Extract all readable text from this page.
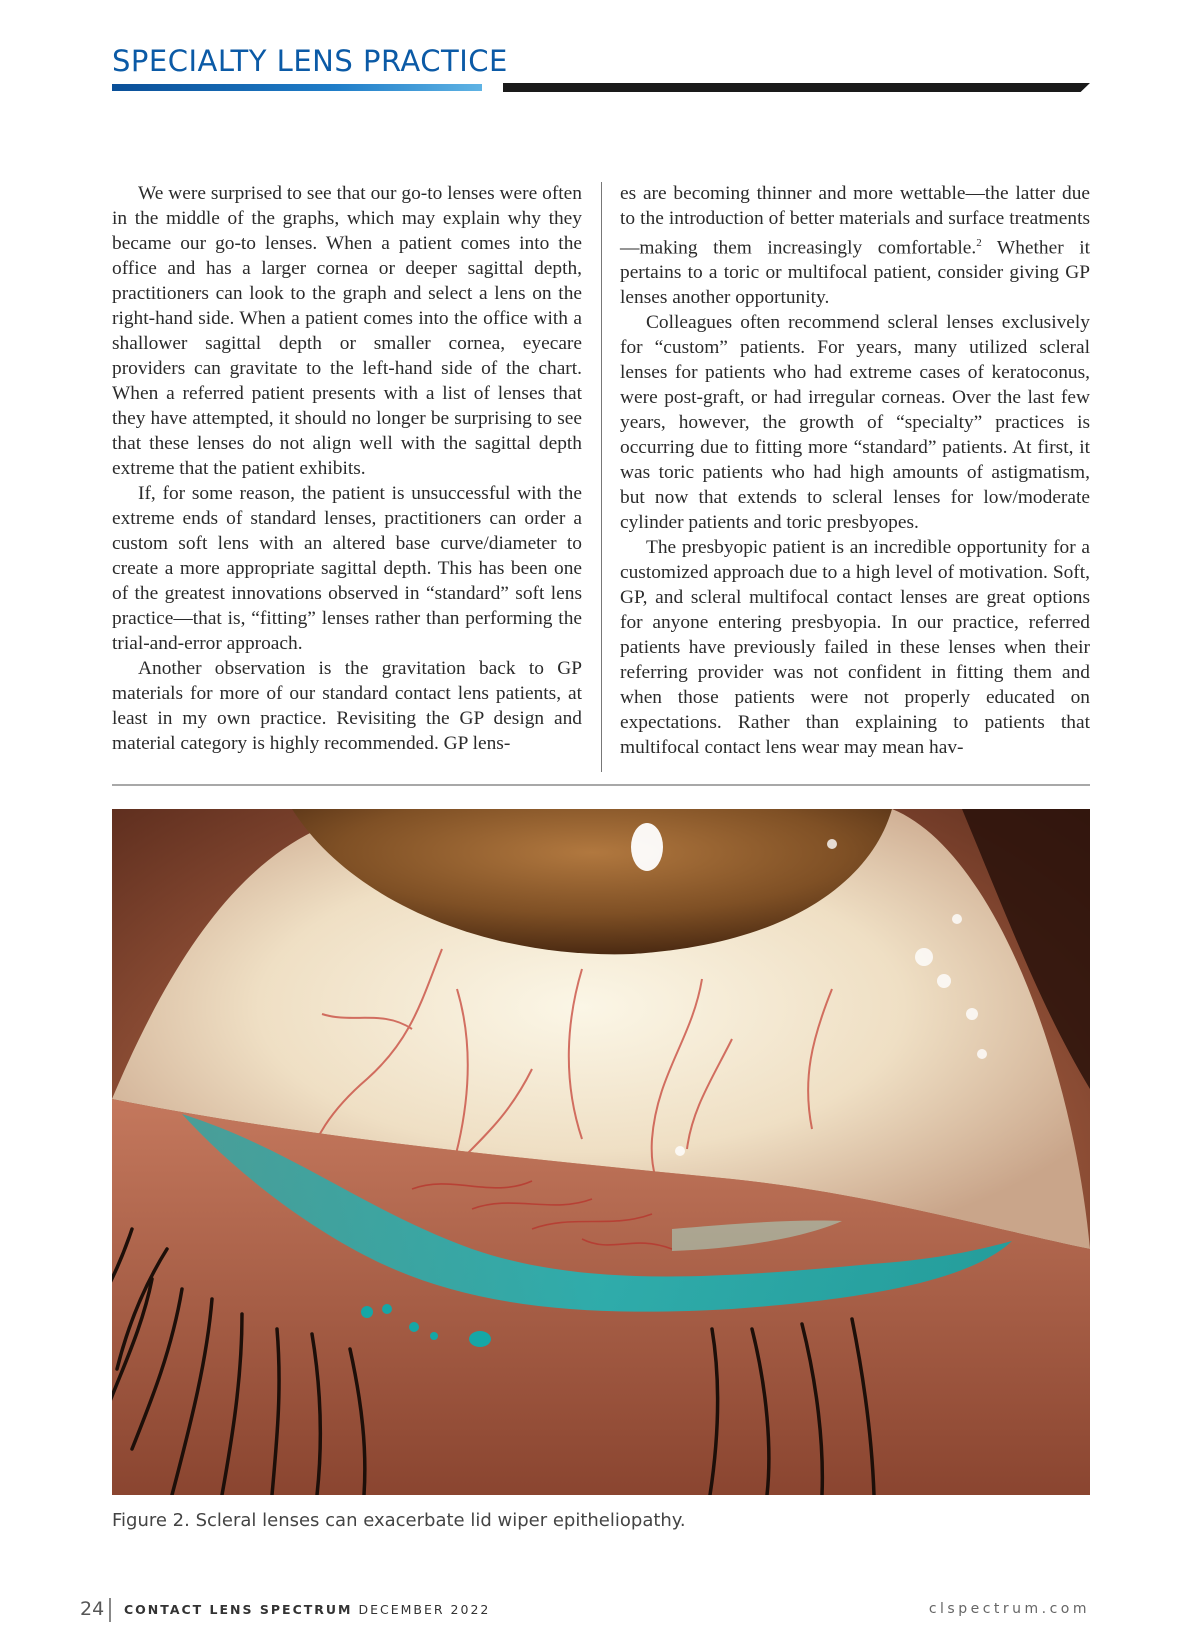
SPECIALTY LENS PRACTICE

We were surprised to see that our go-to lenses were often in the middle of the graphs, which may explain why they became our go-to lenses. When a patient comes into the office and has a larger cornea or deeper sagittal depth, practitioners can look to the graph and select a lens on the right-hand side. When a patient comes into the office with a shallower sagittal depth or smaller cornea, eyecare providers can gravitate to the left-hand side of the chart. When a referred patient presents with a list of lenses that they have attempted, it should no longer be surprising to see that these lenses do not align well with the sagittal depth extreme that the patient exhibits.

If, for some reason, the patient is unsuccessful with the extreme ends of standard lenses, practitioners can order a custom soft lens with an altered base curve/diameter to create a more appropriate sagittal depth. This has been one of the greatest innovations observed in “standard” soft lens practice—that is, “fitting” lenses rather than performing the trial-and-error approach.

Another observation is the gravitation back to GP materials for more of our standard contact lens patients, at least in my own practice. Revisiting the GP design and material category is highly recommended. GP lens-

es are becoming thinner and more wettable—the latter due to the introduction of better materials and surface treatments—making them increasingly comfortable.$^2$ Whether it pertains to a toric or multifocal patient, consider giving GP lenses another opportunity.

Colleagues often recommend scleral lenses exclusively for “custom” patients. For years, many utilized scleral lenses for patients who had extreme cases of keratoconus, were post-graft, or had irregular corneas. Over the last few years, however, the growth of “specialty” practices is occurring due to fitting more “standard” patients. At first, it was toric patients who had high amounts of astigmatism, but now that extends to scleral lenses for low/moderate cylinder patients and toric presbyopes.

The presbyopic patient is an incredible opportunity for a customized approach due to a high level of motivation. Soft, GP, and scleral multifocal contact lenses are great options for anyone entering presbyopia. In our practice, referred patients have previously failed in these lenses when their referring provider was not confident in fitting them and when those patients were not properly educated on expectations. Rather than explaining to patients that multifocal contact lens wear may mean hav-

Figure 2. Scleral lenses can exacerbate lid wiper epitheliopathy.
24 CONTACT LENS SPECTRUM DECEMBER 2022	clspectrum.com
